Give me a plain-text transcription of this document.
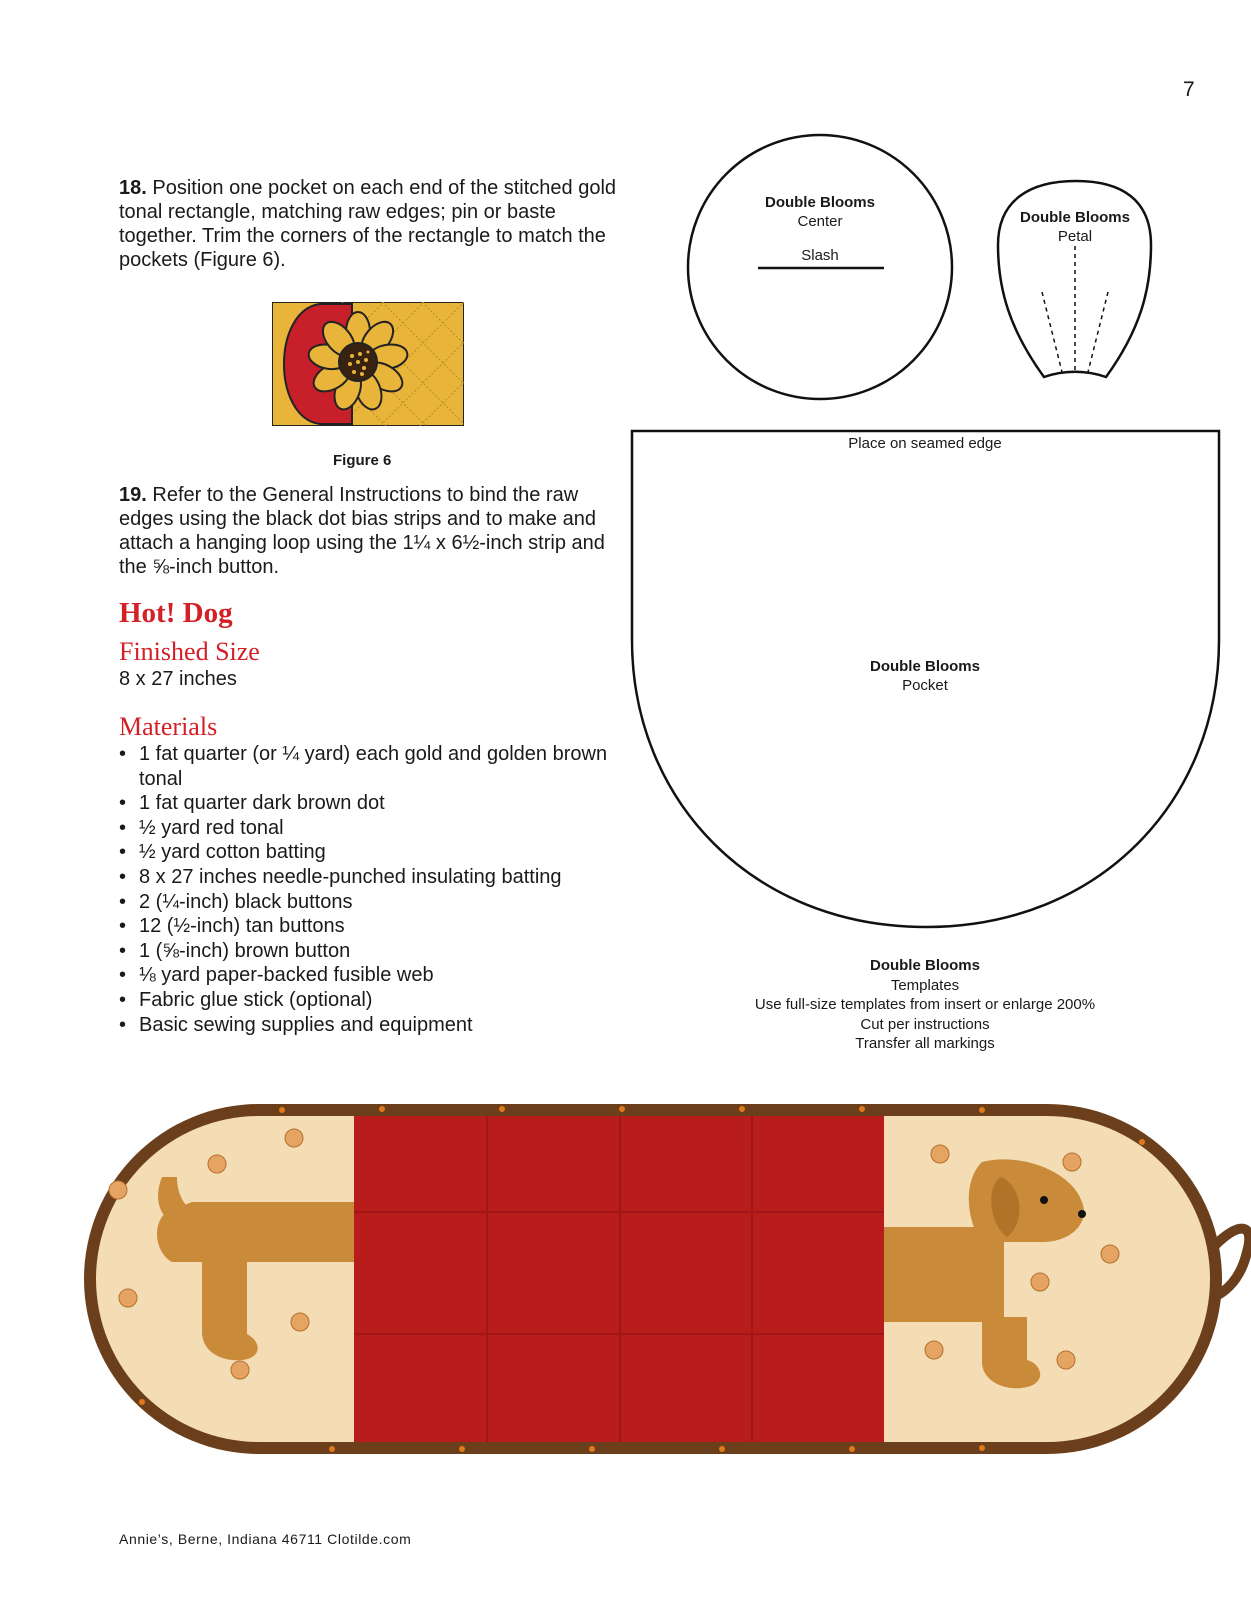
7

18. Position one pocket on each end of the stitched gold tonal rectangle, matching raw edges; pin or baste together. Trim the corners of the rectangle to match the pockets (Figure 6).

Figure 6

19. Refer to the General Instructions to bind the raw edges using the black dot bias strips and to make and attach a hanging loop using the 1¼ x 6½-inch strip and the ⅝-inch button.

Hot! Dog
Finished Size
8 x 27 inches
Materials
• 1 fat quarter (or ¼ yard) each gold and golden brown tonal
• 1 fat quarter dark brown dot
• ½ yard red tonal
• ½ yard cotton batting
• 8 x 27 inches needle-punched insulating batting
• 2 (¼-inch) black buttons
• 12 (½-inch) tan buttons
• 1 (⅝-inch) brown button
• ⅛ yard paper-backed fusible web
• Fabric glue stick (optional)
• Basic sewing supplies and equipment
Double Blooms
Center
Slash
Double Blooms
Petal
Place on seamed edge
Double Blooms
Pocket
Double Blooms
Templates
Use full-size templates from insert or enlarge 200%
Cut per instructions
Transfer all markings
Annie’s, Berne, Indiana 46711 Clotilde.com
